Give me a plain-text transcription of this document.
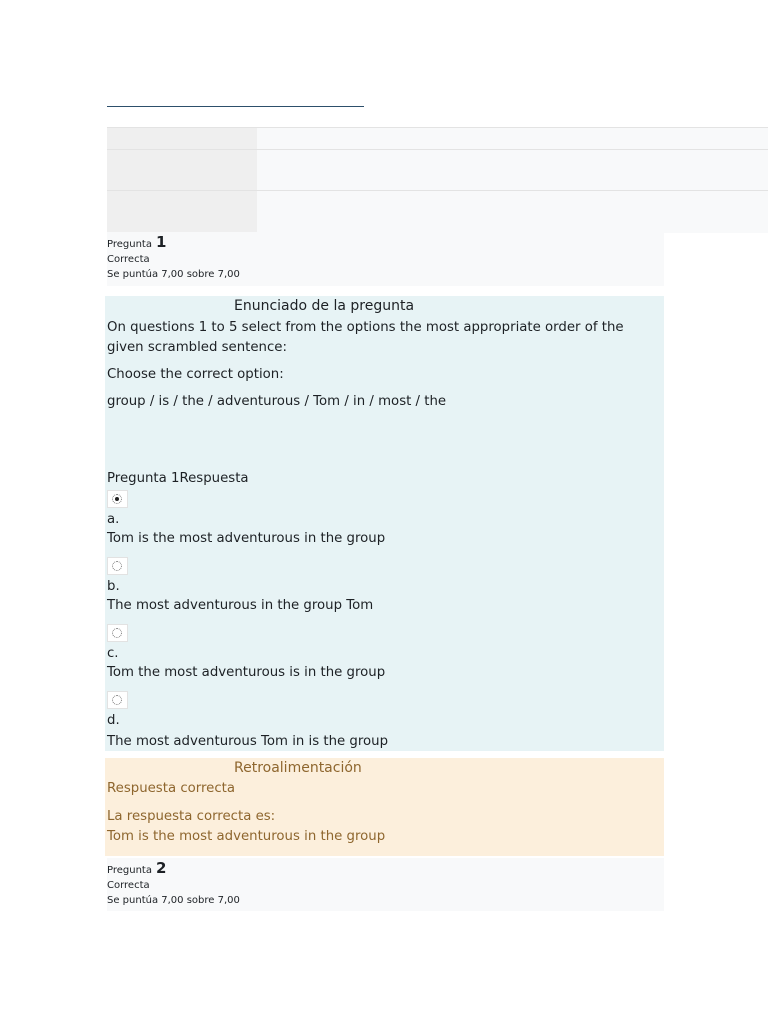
Pregunta 1
Correcta
Se puntúa 7,00 sobre 7,00
Enunciado de la pregunta
On questions 1 to 5 select from the options the most appropriate order of the given scrambled sentence:
Choose the correct option:
group / is / the / adventurous / Tom / in / most / the
Pregunta 1Respuesta
a.
Tom is the most adventurous in the group
b.
The most adventurous in the group Tom
c.
Tom the most adventurous is in the group
d.
The most adventurous Tom in is the group
Retroalimentación
Respuesta correcta
La respuesta correcta es:
Tom is the most adventurous in the group
Pregunta 2
Correcta
Se puntúa 7,00 sobre 7,00
